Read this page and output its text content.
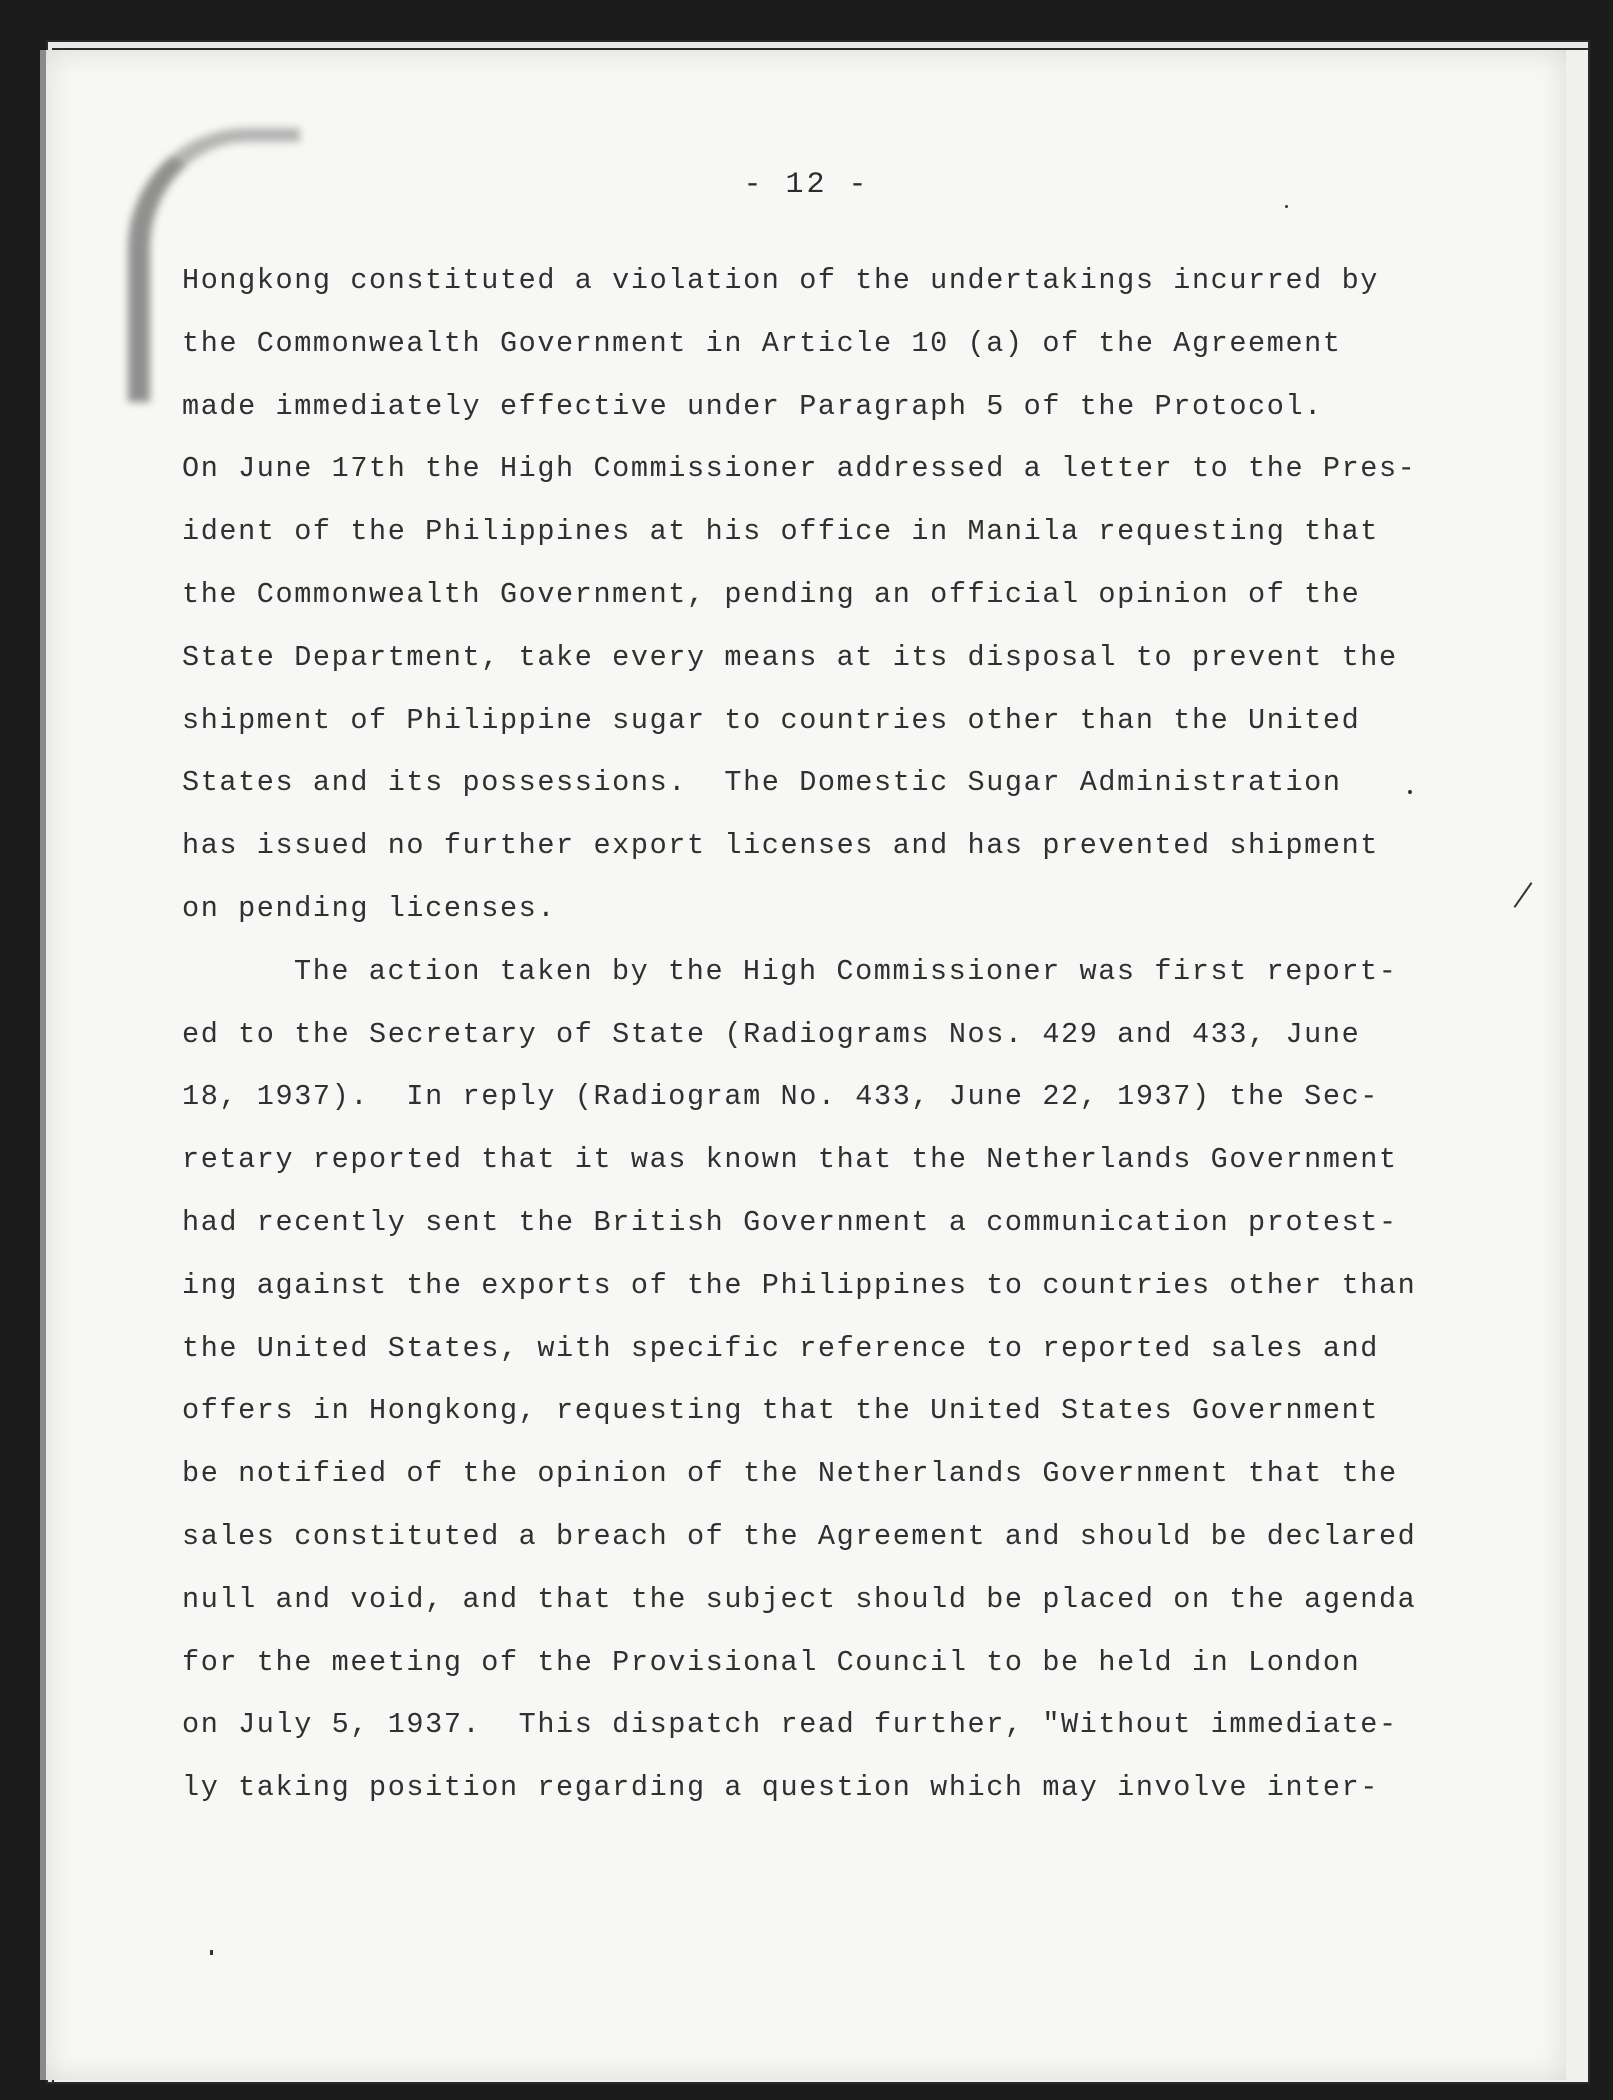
- 12 -
Hongkong constituted a violation of the undertakings incurred by
the Commonwealth Government in Article 10 (a) of the Agreement
made immediately effective under Paragraph 5 of the Protocol.
On June 17th the High Commissioner addressed a letter to the Pres-
ident of the Philippines at his office in Manila requesting that
the Commonwealth Government, pending an official opinion of the
State Department, take every means at its disposal to prevent the
shipment of Philippine sugar to countries other than the United
States and its possessions.  The Domestic Sugar Administration
has issued no further export licenses and has prevented shipment
on pending licenses.
The action taken by the High Commissioner was first report-
ed to the Secretary of State (Radiograms Nos. 429 and 433, June
18, 1937).  In reply (Radiogram No. 433, June 22, 1937) the Sec-
retary reported that it was known that the Netherlands Government
had recently sent the British Government a communication protest-
ing against the exports of the Philippines to countries other than
the United States, with specific reference to reported sales and
offers in Hongkong, requesting that the United States Government
be notified of the opinion of the Netherlands Government that the
sales constituted a breach of the Agreement and should be declared
null and void, and that the subject should be placed on the agenda
for the meeting of the Provisional Council to be held in London
on July 5, 1937.  This dispatch read further, "Without immediate-
ly taking position regarding a question which may involve inter-
